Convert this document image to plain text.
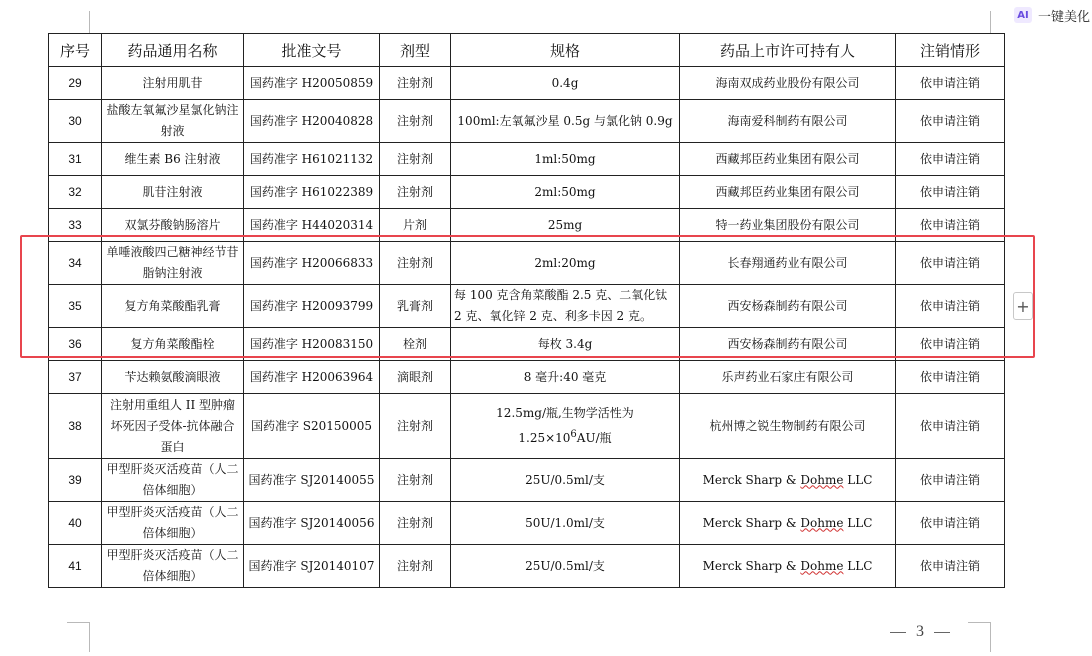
AI 一键美化
序号	药品通用名称	批准文号	剂型	规格	药品上市许可持有人	注销情形
29	注射用肌苷	国药准字 H20050859	注射剂	0.4g	海南双成药业股份有限公司	依申请注销
30	盐酸左氧氟沙星氯化钠注射液	国药准字 H20040828	注射剂	100ml:左氧氟沙星 0.5g 与氯化钠 0.9g	海南爱科制药有限公司	依申请注销
31	维生素 B6 注射液	国药准字 H61021132	注射剂	1ml:50mg	西藏邦臣药业集团有限公司	依申请注销
32	肌苷注射液	国药准字 H61022389	注射剂	2ml:50mg	西藏邦臣药业集团有限公司	依申请注销
33	双氯芬酸钠肠溶片	国药准字 H44020314	片剂	25mg	特一药业集团股份有限公司	依申请注销
34	单唾液酸四己糖神经节苷脂钠注射液	国药准字 H20066833	注射剂	2ml:20mg	长春翔通药业有限公司	依申请注销
35	复方角菜酸酯乳膏	国药准字 H20093799	乳膏剂	每 100 克含角菜酸酯 2.5 克、二氧化钛 2 克、氧化锌 2 克、利多卡因 2 克。	西安杨森制药有限公司	依申请注销
36	复方角菜酸酯栓	国药准字 H20083150	栓剂	每枚 3.4g	西安杨森制药有限公司	依申请注销
37	苄达赖氨酸滴眼液	国药准字 H20063964	滴眼剂	8 毫升:40 毫克	乐声药业石家庄有限公司	依申请注销
38	注射用重组人 II 型肿瘤坏死因子受体-抗体融合蛋白	国药准字 S20150005	注射剂	12.5mg/瓶,生物学活性为 $1.25\times 10^6AU/$瓶	杭州博之锐生物制药有限公司	依申请注销
39	甲型肝炎灭活疫苗（人二倍体细胞）	国药准字 SJ20140055	注射剂	25U/0.5ml/支	Merck Sharp & Dohme LLC	依申请注销
40	甲型肝炎灭活疫苗（人二倍体细胞）	国药准字 SJ20140056	注射剂	50U/1.0ml/支	Merck Sharp & Dohme LLC	依申请注销
41	甲型肝炎灭活疫苗（人二倍体细胞）	国药准字 SJ20140107	注射剂	25U/0.5ml/支	Merck Sharp & Dohme LLC	依申请注销
+
3
